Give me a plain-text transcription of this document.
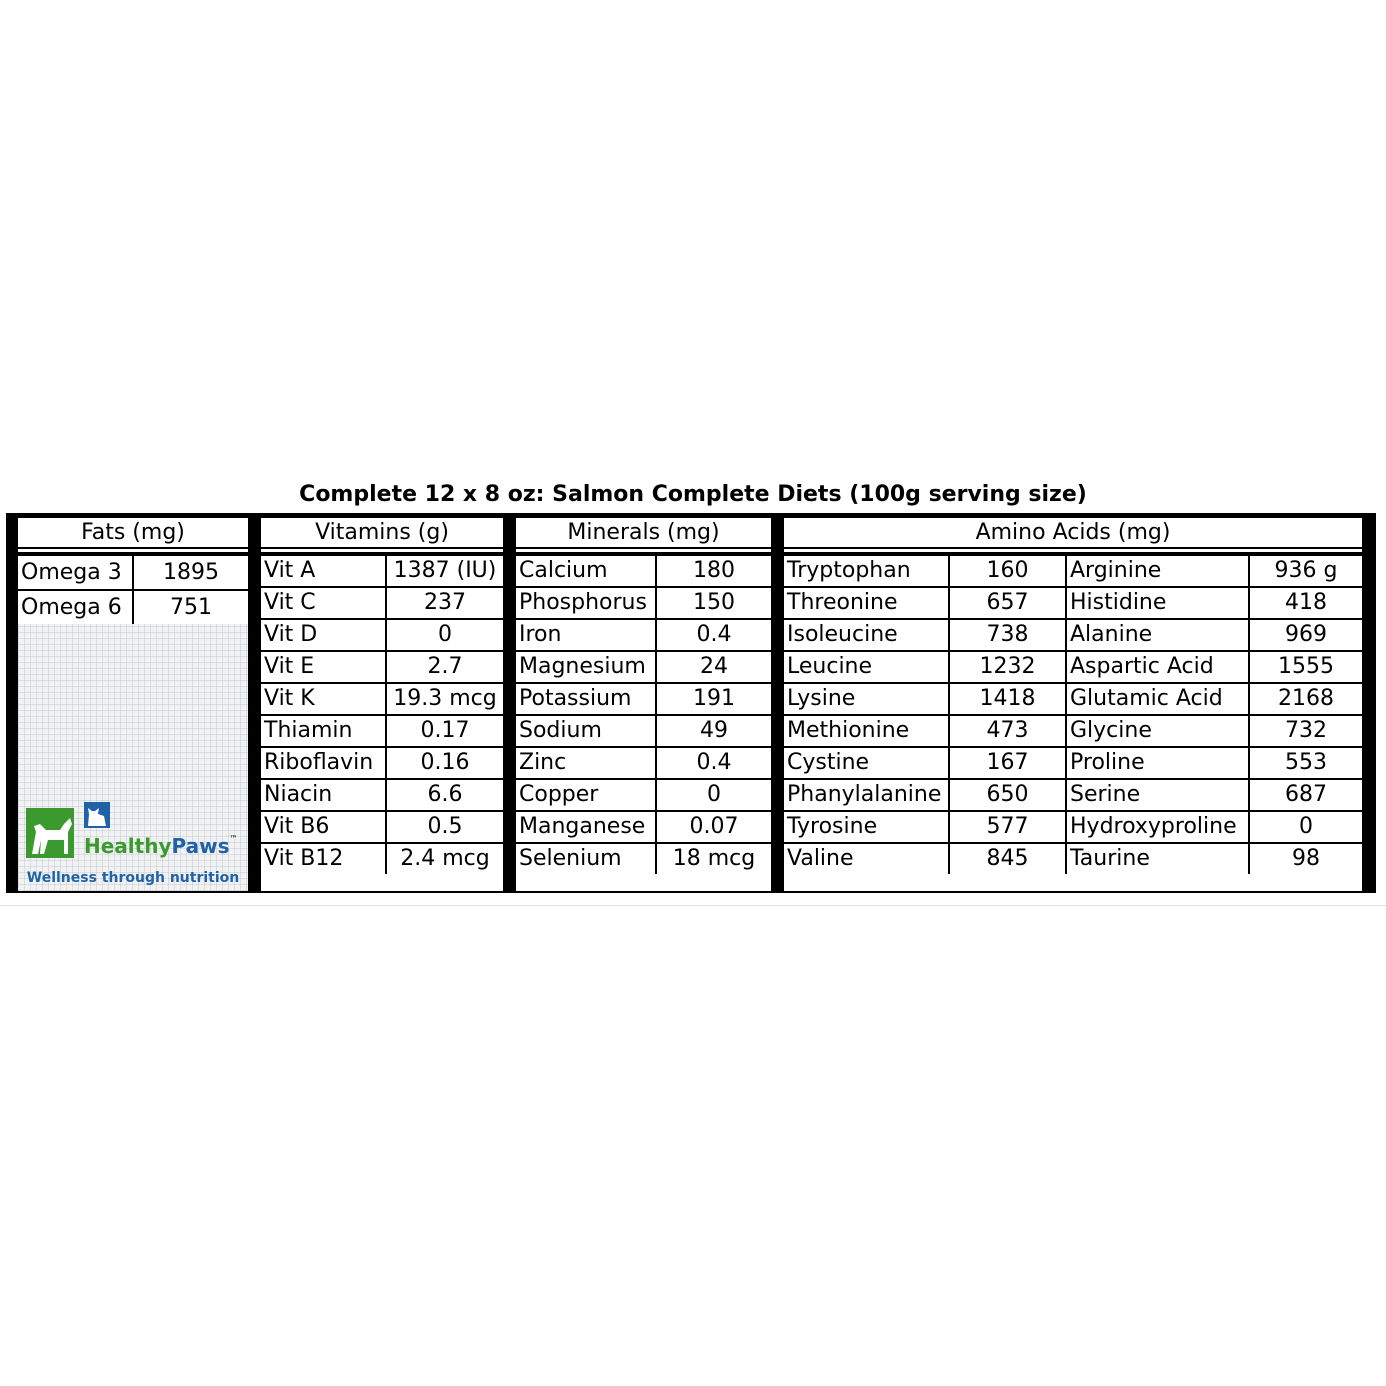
Complete 12 x 8 oz: Salmon Complete Diets (100g serving size)
Fats (mg)
Omega 3	1895
Omega 6	751
HealthyPaws™
Wellness through nutrition
Vitamins (g)
Vit A	1387 (IU)
Vit C	237
Vit D	0
Vit E	2.7
Vit K	19.3 mcg
Thiamin	0.17
Riboflavin	0.16
Niacin	6.6
Vit B6	0.5
Vit B12	2.4 mcg
Minerals (mg)
Calcium	180
Phosphorus	150
Iron	0.4
Magnesium	24
Potassium	191
Sodium	49
Zinc	0.4
Copper	0
Manganese	0.07
Selenium	18 mcg
Amino Acids (mg)
Tryptophan	160	Arginine	936 g
Threonine	657	Histidine	418
Isoleucine	738	Alanine	969
Leucine	1232	Aspartic Acid	1555
Lysine	1418	Glutamic Acid	2168
Methionine	473	Glycine	732
Cystine	167	Proline	553
Phanylalanine	650	Serine	687
Tyrosine	577	Hydroxyproline	0
Valine	845	Taurine	98
